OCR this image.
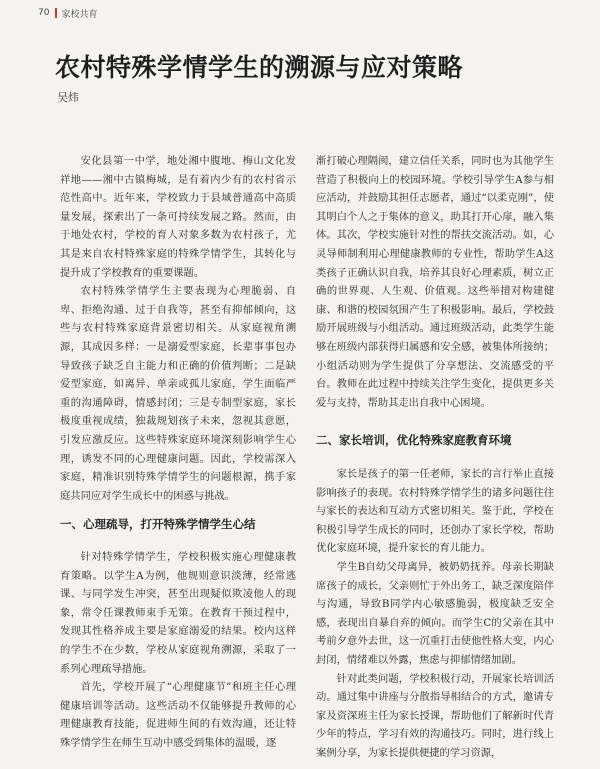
70 家校共育
农村特殊学情学生的溯源与应对策略
吴炜

安化县第一中学，地处湘中腹地、梅山文化发祥地——湘中古镇梅城，是有着内少有的农村省示范性高中。近年来，学校致力于县域普通高中高质量发展，探索出了一条可持续发展之路。然而，由于地处农村，学校的育人对象多数为农村孩子，尤其是来自农村特殊家庭的特殊学情学生，其转化与提升成了学校教育的重要课题。

农村特殊学情学生主要表现为心理脆弱、自卑、拒绝沟通、过于自我等，甚至有抑郁倾向，这些与农村特殊家庭背景密切相关。从家庭视角溯源，其成因多样：一是溺爱型家庭，长辈事事包办导致孩子缺乏自主能力和正确的价值判断；二是缺爱型家庭，如离异、单亲或孤儿家庭，学生面临严重的沟通障碍，情感封闭；三是专制型家庭，家长极度重视成绩，独裁规划孩子未来，忽视其意愿，引发应激反应。这些特殊家庭环境深刻影响学生心理，诱发不同的心理健康问题。因此，学校需深入家庭，精准识别特殊学情学生的问题根源，携手家庭共同应对学生成长中的困惑与挑战。

一、心理疏导，打开特殊学情学生心结

针对特殊学情学生，学校积极实施心理健康教育策略。以学生A为例，他规则意识淡薄，经常逃课、与同学发生冲突，甚至出现疑似欺凌他人的现象，常令任课教师束手无策。在教育干预过程中，发现其性格养成主要是家庭溺爱的结果。校内这样的学生不在少数，学校从家庭视角溯源，采取了一系列心理疏导措施。

首先，学校开展了“心理健康节”和班主任心理健康培训等活动。这些活动不仅能够提升教师的心理健康教育技能，促进师生间的有效沟通，还让特殊学情学生在师生互动中感受到集体的温暖，逐

渐打破心理隔阂，建立信任关系，同时也为其他学生营造了积极向上的校园环境。学校引导学生A参与相应活动，并鼓励其担任志愿者，通过“以柔克刚”，使其明白个人之于集体的意义，助其打开心扉，融入集体。其次，学校实施针对性的帮扶交流活动。如，心灵导师制利用心理健康教师的专业性，帮助学生A这类孩子正确认识自我，培养其良好心理素质，树立正确的世界观、人生观、价值观。这些举措对构建健康、和谐的校园氛围产生了积极影响。最后，学校鼓励开展班级与小组活动。通过班级活动，此类学生能够在班级内部获得归属感和安全感，被集体所接纳；小组活动则为学生提供了分享想法、交流感受的平台。教师在此过程中持续关注学生变化，提供更多关爱与支持，帮助其走出自我中心困境。

二、家长培训，优化特殊家庭教育环境

家长是孩子的第一任老师，家长的言行举止直接影响孩子的表现。农村特殊学情学生的诸多问题往往与家长的表达和互动方式密切相关。鉴于此，学校在积极引导学生成长的同时，还创办了家长学校，帮助优化家庭环境，提升家长的育儿能力。

学生B自幼父母离异，被奶奶抚养。母亲长期缺席孩子的成长，父亲则忙于外出务工，缺乏深度陪伴与沟通，导致B同学内心敏感脆弱，极度缺乏安全感，表现出自暴自弃的倾向。而学生C的父亲在其中考前夕意外去世，这一沉重打击使他性格大变，内心封闭，情绪难以外露，焦虑与抑郁情绪加剧。

针对此类问题，学校积极行动，开展家长培训活动。通过集中讲座与分散指导相结合的方式，邀请专家及资深班主任为家长授课，帮助他们了解新时代青少年的特点，学习有效的沟通技巧。同时，进行线上案例分享，为家长提供便捷的学习资源，
